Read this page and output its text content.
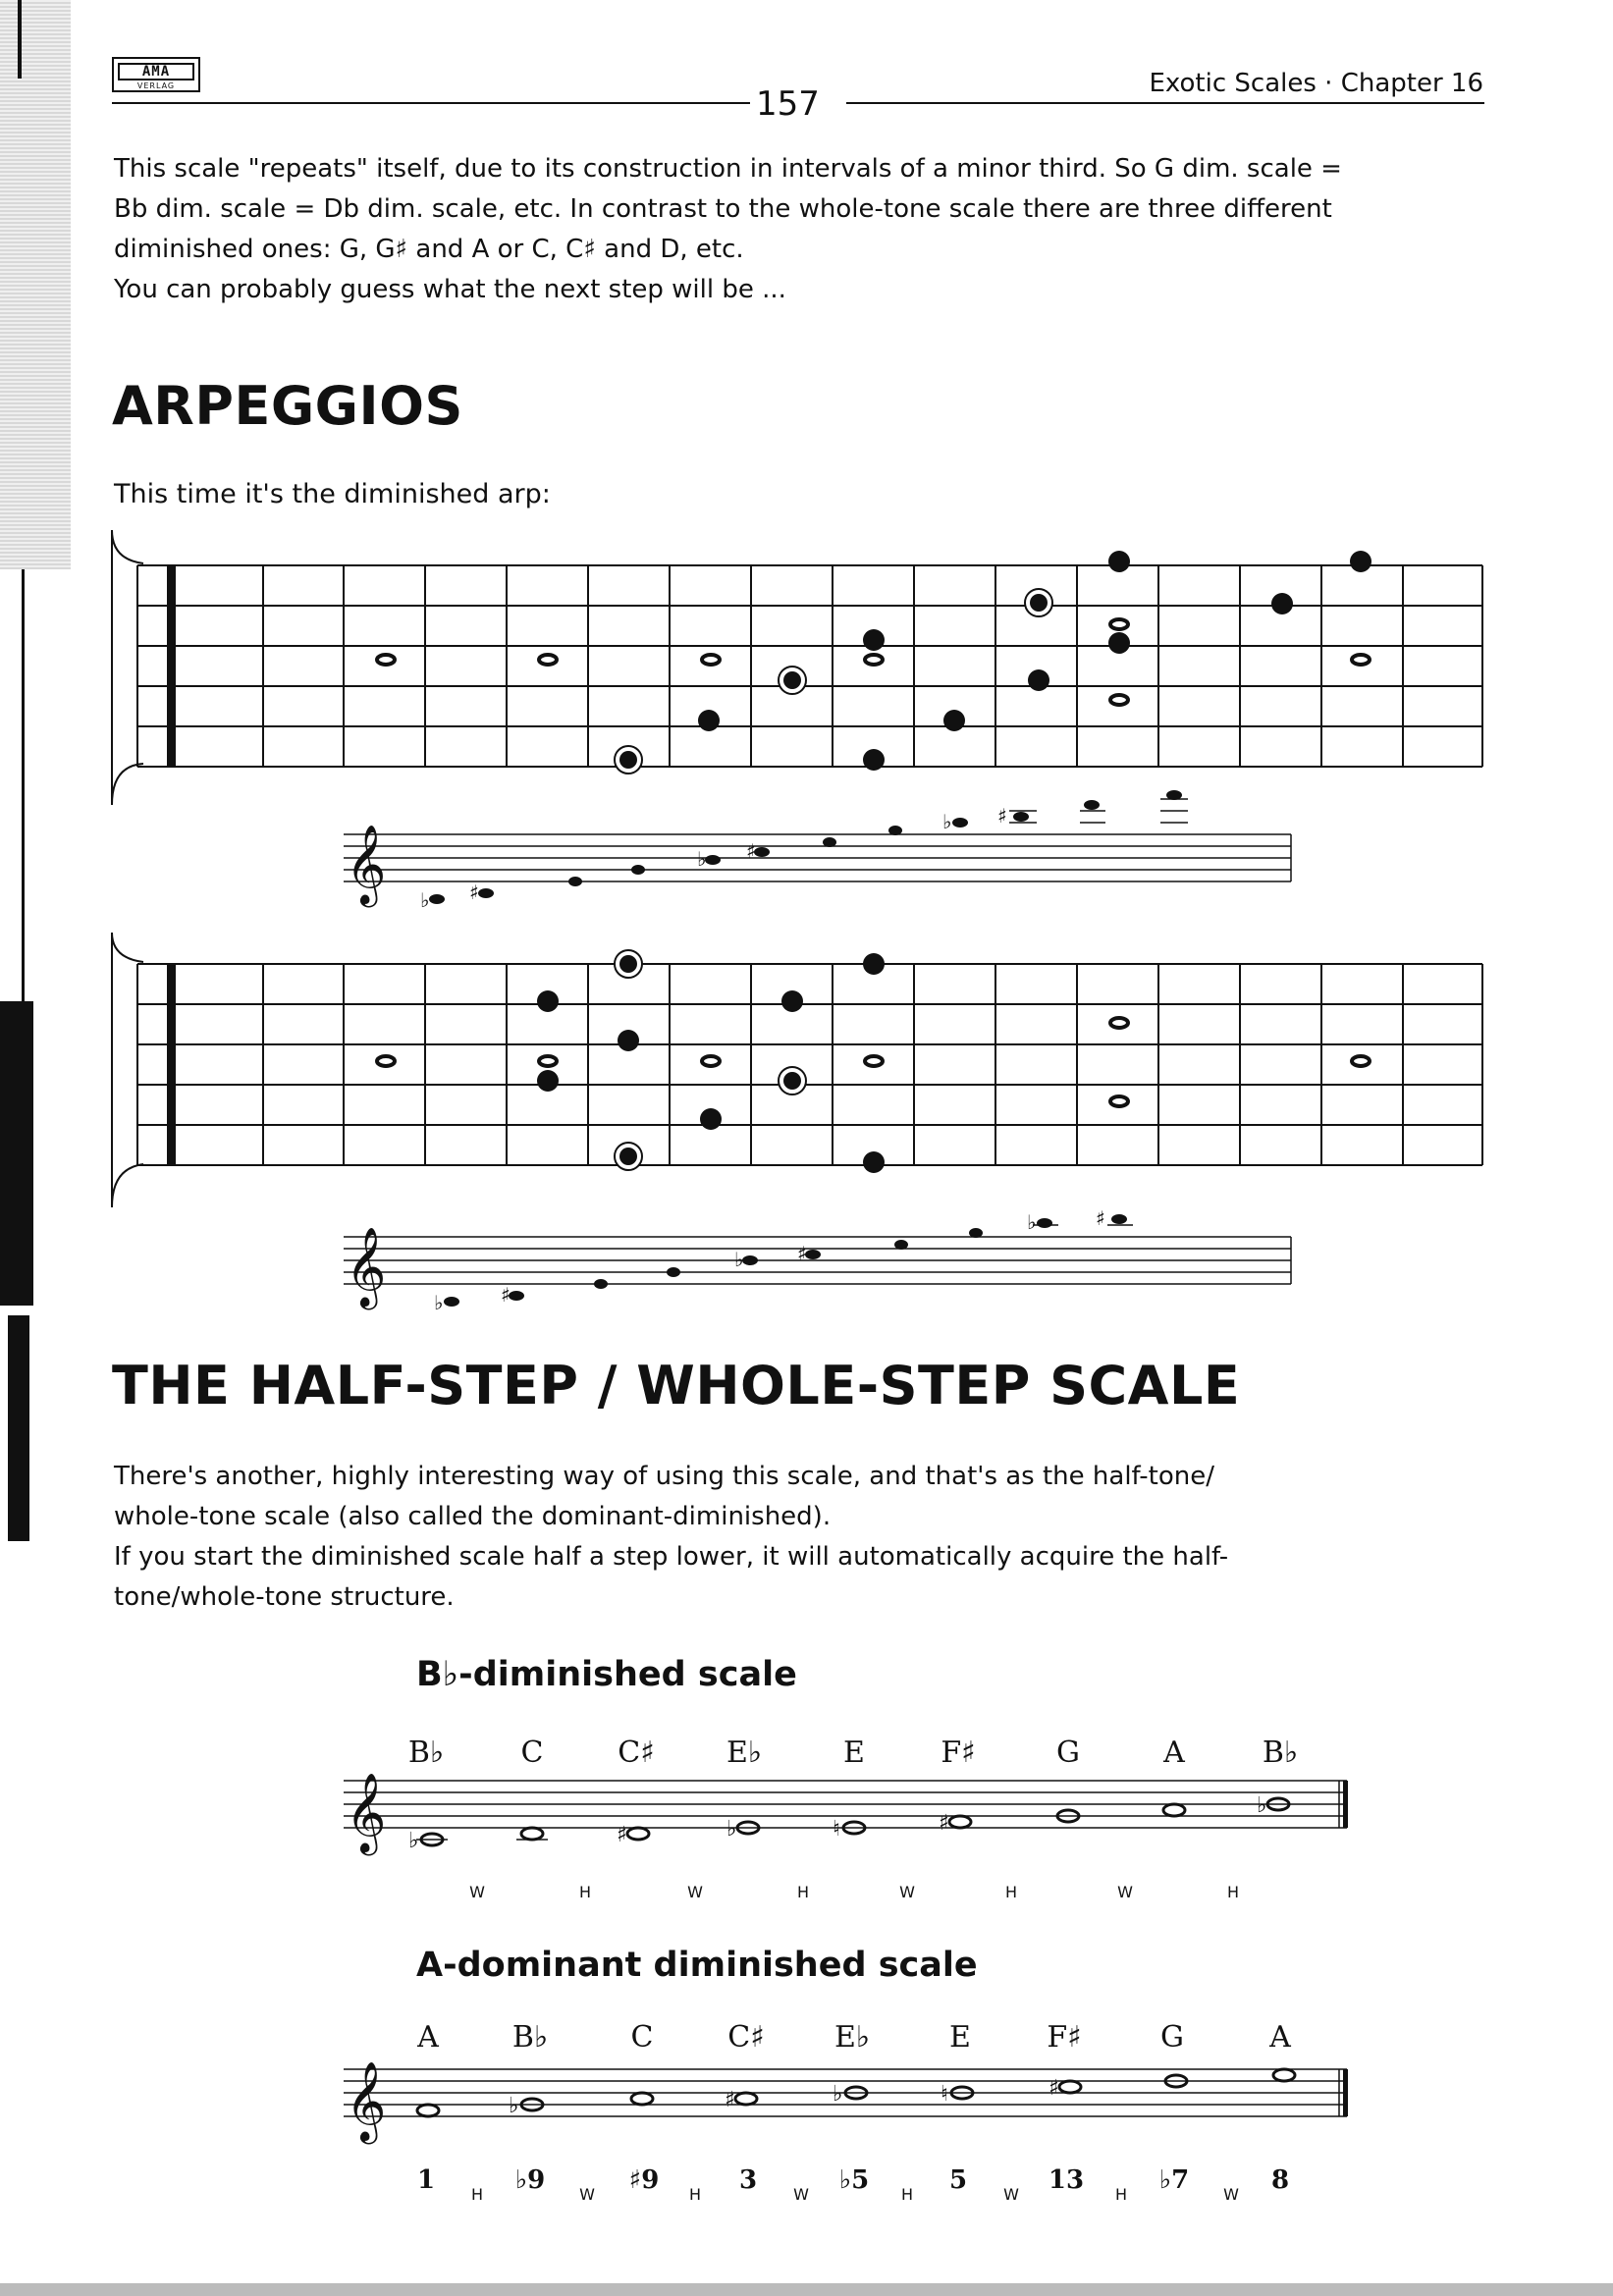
AMA
VERLAG	157
Exotic Scales · Chapter 16

This scale "repeats" itself, due to its construction in intervals of a minor third. So G dim. scale =

Bb dim. scale = Db dim. scale, etc. In contrast to the whole-tone scale there are three different

diminished ones: G, G♯ and A or C, C♯ and D, etc.

You can probably guess what the next step will be ...

ARPEGGIOS
This time it's the diminished arp:
𝄞 ♭ ♯
♭ ♯
♭ ♯
𝄞 ♭	♯
♭	♯
♭	♯
THE HALF-STEP / WHOLE-STEP SCALE

There's another, highly interesting way of using this scale, and that's as the half-tone/

whole-tone scale (also called the dominant-diminished).

If you start the diminished scale half a step lower, it will automatically acquire the half-

tone/whole-tone structure.

B♭-diminished scale
B♭	C	C♯ E♭	E	F♯	G	A	B♭
𝄞 ♭	♯	♭	♮	♯
♭
W	H	W	H	W	H	W	H
A-dominant diminished scale
A	B♭	C	C♯ E♭	E	F♯	G	A
𝄞	♭	♯	♭	♮	♯
1	♭9	♯9	3	♭5	5	13	♭7	8
H	W	H	W	H	W	H	W
